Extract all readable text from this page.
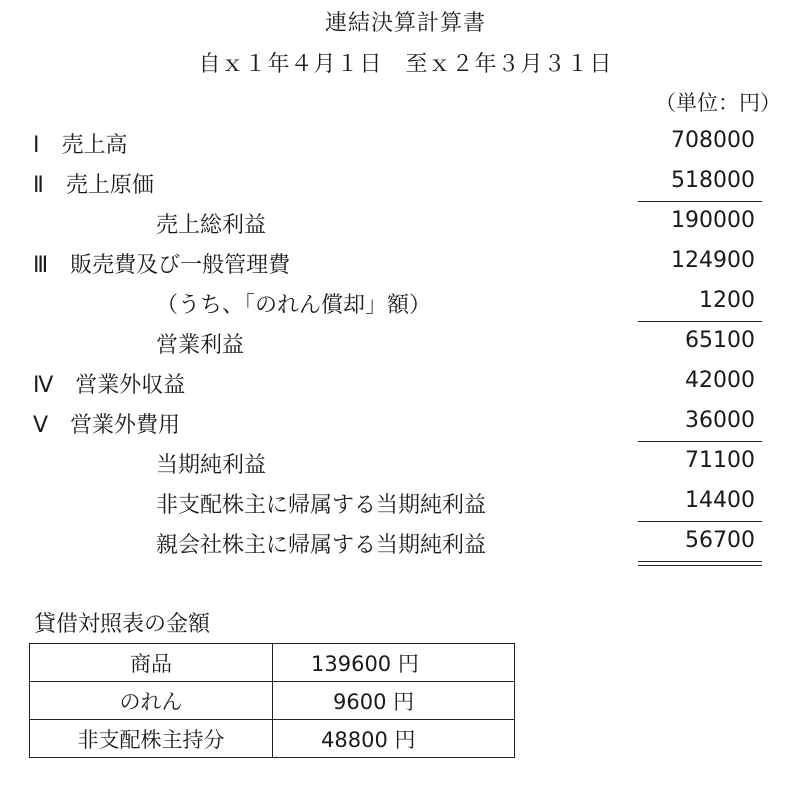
連結決算計算書
自ｘ１年４月１日　至ｘ２年３月３１日
（単位：円）
Ⅰ　売上高	708000
Ⅱ　売上原価	518000
売上総利益	190000
Ⅲ　販売費及び一般管理費	124900
（うち、「のれん償却」額）	1200
営業利益	65100
Ⅳ　営業外収益	42000
Ⅴ　営業外費用	36000
当期純利益	71100
非支配株主に帰属する当期純利益	14400
親会社株主に帰属する当期純利益	56700
貸借対照表の金額
商品	139600 円
のれん	9600 円
非支配株主持分	48800 円
